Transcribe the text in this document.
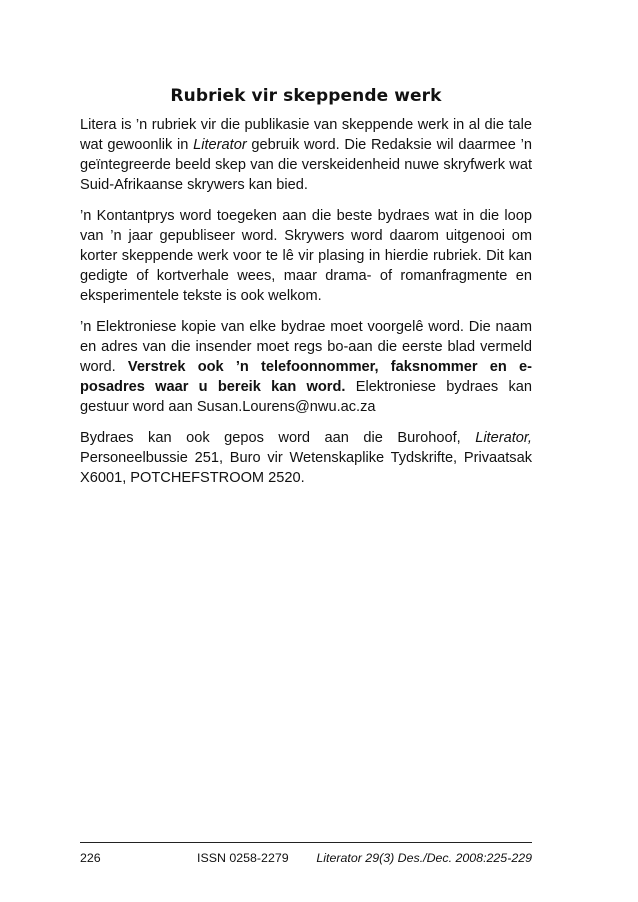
Rubriek vir skeppende werk

Litera is ’n rubriek vir die publikasie van skeppende werk in al die tale wat gewoonlik in Literator gebruik word. Die Redaksie wil daarmee ’n geïntegreerde beeld skep van die verskeidenheid nuwe skryfwerk wat Suid-Afrikaanse skrywers kan bied.

’n Kontantprys word toegeken aan die beste bydraes wat in die loop van ’n jaar gepubliseer word. Skrywers word daarom uitgenooi om korter skeppende werk voor te lê vir plasing in hierdie rubriek. Dit kan gedigte of kortverhale wees, maar drama- of romanfragmente en eksperimentele tekste is ook welkom.

’n Elektroniese kopie van elke bydrae moet voorgelê word. Die naam en adres van die insender moet regs bo-aan die eerste blad vermeld word. Verstrek ook ’n telefoonnommer, faksnommer en e-posadres waar u bereik kan word. Elektroniese bydraes kan gestuur word aan Susan.Lourens@nwu.ac.za

Bydraes kan ook gepos word aan die Burohoof, Literator, Personeelbussie 251, Buro vir Wetenskaplike Tydskrifte, Privaatsak X6001, POTCHEFSTROOM 2520.

226	ISSN 0258-2279 Literator 29(3) Des./Dec. 2008:225-229
